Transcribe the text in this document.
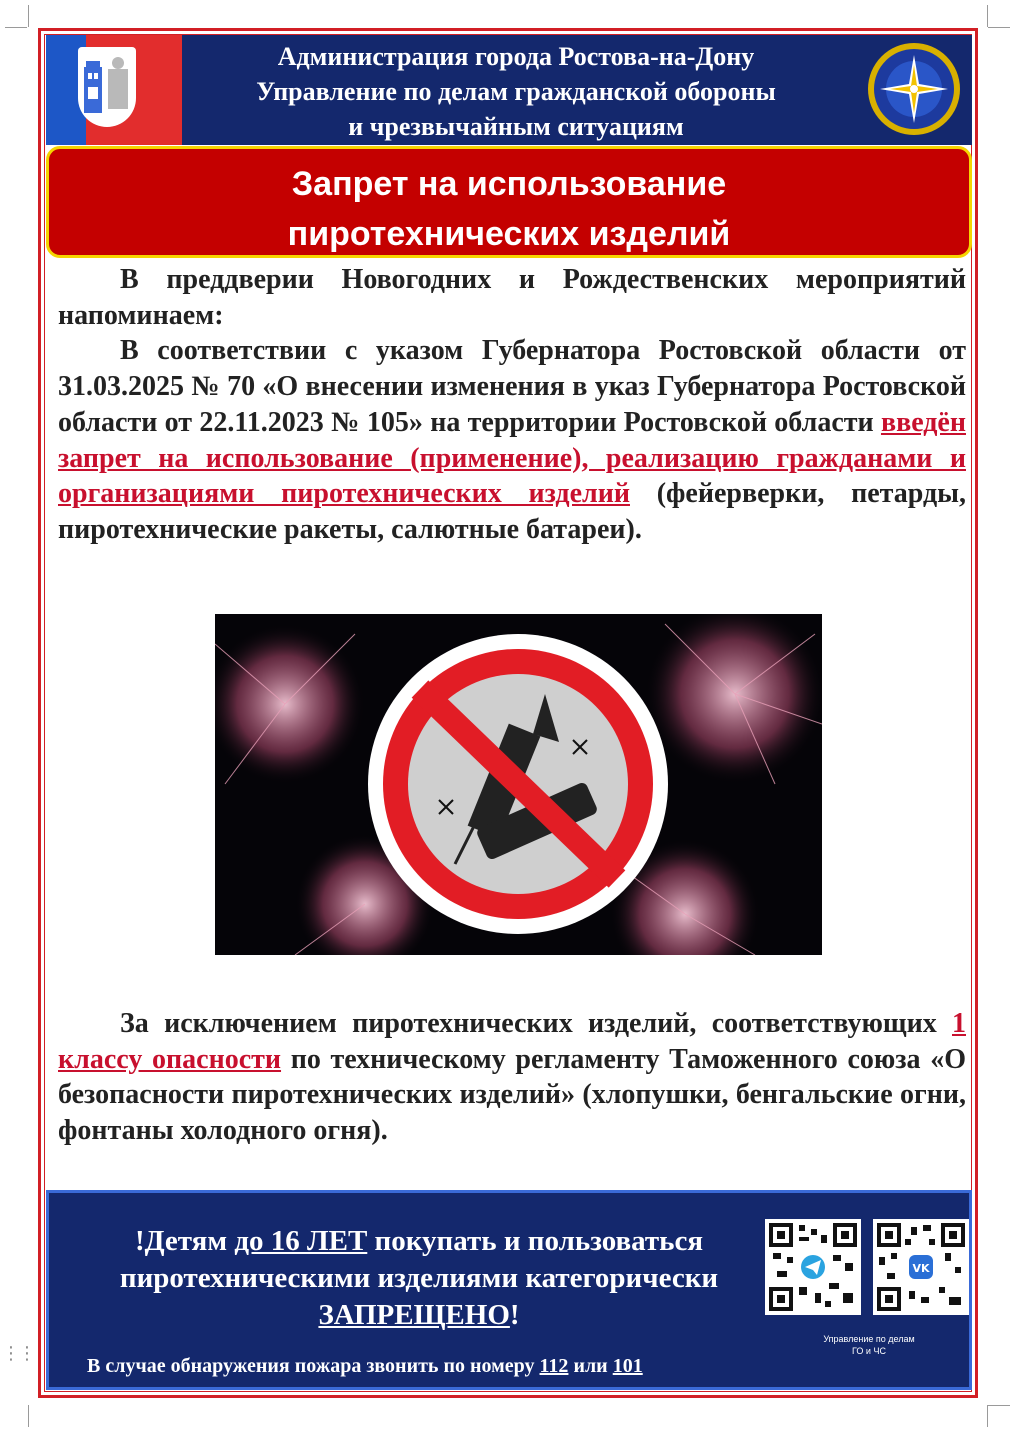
⋮⋮
Администрация города Ростова-на-Дону
Управление по делам гражданской обороны
и чрезвычайным ситуациям
Запрет на использование
пиротехнических изделий

В преддверии Новогодних и Рождественских мероприятий напоминаем:

В соответствии с указом Губернатора Ростовской области от 31.03.2025 № 70 «О внесении изменения в указ Губернатора Ростовской области от 22.11.2023 № 105» на территории Ростовской области введён запрет на использование (применение), реализацию гражданами и организациями пиротехнических изделий (фейерверки, петарды, пиротехнические ракеты, салютные батареи).

За исключением пиротехнических изделий, соответствующих 1 классу опасности по техническому регламенту Таможенного союза «О безопасности пиротехнических изделий» (хлопушки, бенгальские огни, фонтаны холодного огня).
!Детям до 16 ЛЕТ покупать и пользоваться пиротехническими изделиями категорически ЗАПРЕЩЕНО!
VK
Управление по делам
ГО и ЧС
В случае обнаружения пожара звонить по номеру 112 или 101
